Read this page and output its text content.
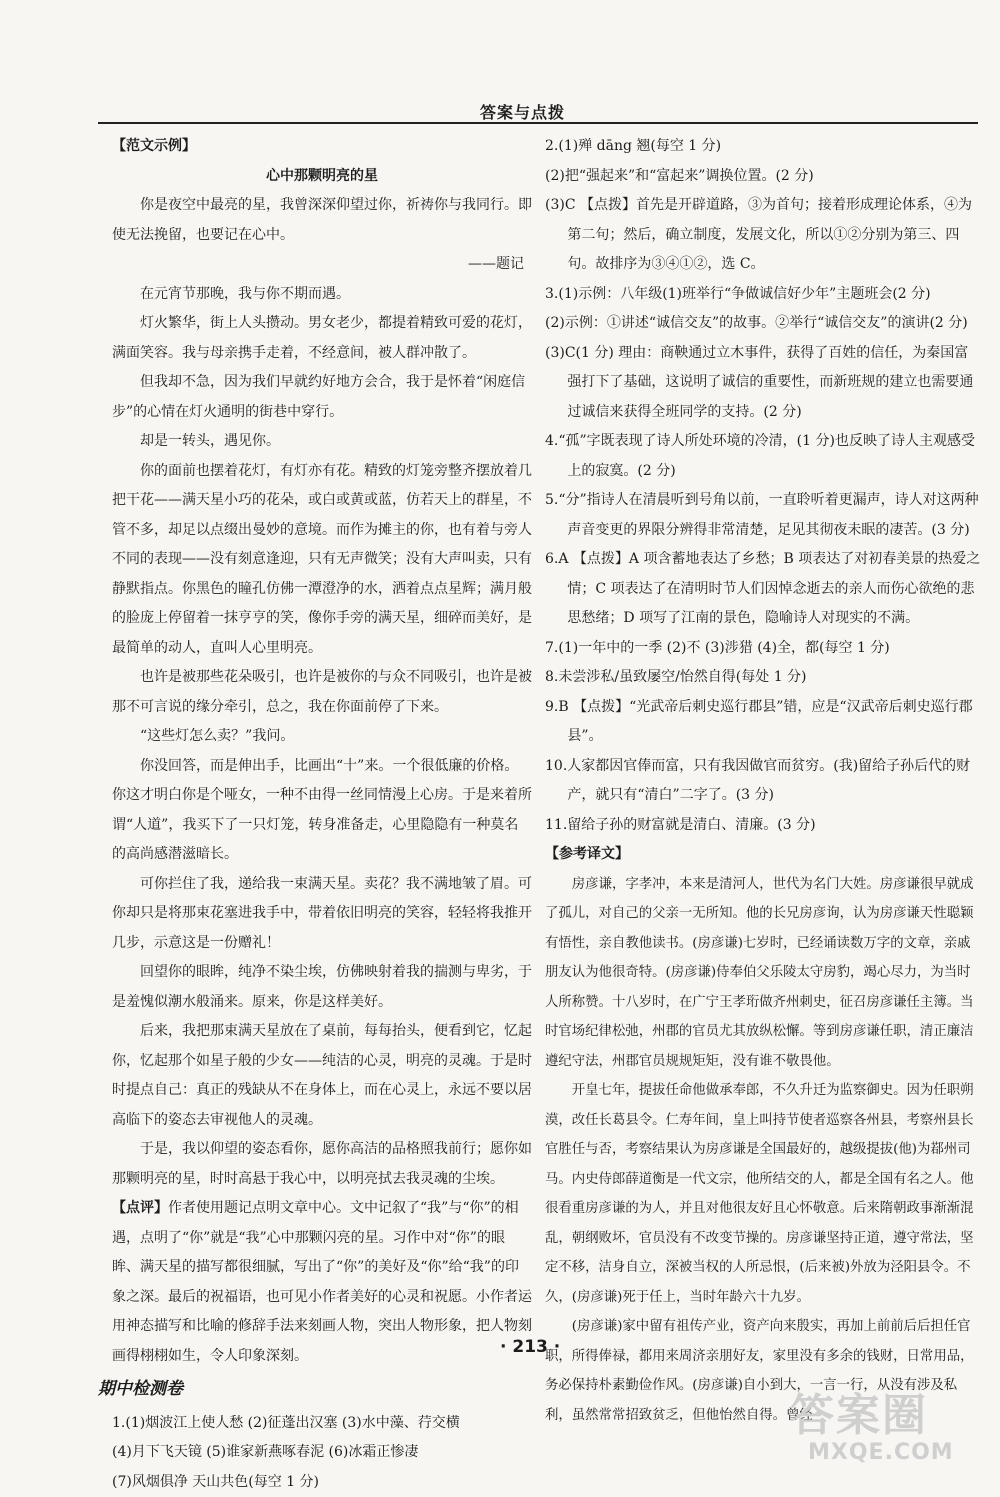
答案与点拨

【范文示例】

心中那颗明亮的星

你是夜空中最亮的星，我曾深深仰望过你，祈祷你与我同行。即使无法挽留，也要记在心中。

——题记

在元宵节那晚，我与你不期而遇。

灯火繁华，街上人头攒动。男女老少，都提着精致可爱的花灯，满面笑容。我与母亲携手走着，不经意间，被人群冲散了。

但我却不急，因为我们早就约好地方会合，我于是怀着“闲庭信步”的心情在灯火通明的街巷中穿行。

却是一转头，遇见你。

你的面前也摆着花灯，有灯亦有花。精致的灯笼旁整齐摆放着几把干花——满天星小巧的花朵，或白或黄或蓝，仿若天上的群星，不管不多，却足以点缀出曼妙的意境。而作为摊主的你，也有着与旁人不同的表现——没有刻意逢迎，只有无声微笑；没有大声叫卖，只有静默指点。你黑色的瞳孔仿佛一潭澄净的水，洒着点点星辉；满月般的脸庞上停留着一抹亨亨的笑，像你手旁的满天星，细碎而美好，是最简单的动人，直叫人心里明亮。

也许是被那些花朵吸引，也许是被你的与众不同吸引，也许是被那不可言说的缘分牵引，总之，我在你面前停了下来。

“这些灯怎么卖？”我问。

你没回答，而是伸出手，比画出“十”来。一个很低廉的价格。你这才明白你是个哑女，一种不由得一丝同情漫上心房。于是来着所谓“人道”，我买下了一只灯笼，转身准备走，心里隐隐有一种莫名的高尚感潜滋暗长。

可你拦住了我，递给我一束满天星。卖花？我不满地皱了眉。可你却只是将那束花塞进我手中，带着依旧明亮的笑容，轻轻将我推开几步，示意这是一份赠礼！

回望你的眼眸，纯净不染尘埃，仿佛映射着我的揣测与卑劣，于是羞愧似潮水般涌来。原来，你是这样美好。

后来，我把那束满天星放在了桌前，每每抬头，便看到它，忆起你，忆起那个如星子般的少女——纯洁的心灵，明亮的灵魂。于是时时提点自己：真正的残缺从不在身体上，而在心灵上，永远不要以居高临下的姿态去审视他人的灵魂。

于是，我以仰望的姿态看你，愿你高洁的品格照我前行；愿你如那颗明亮的星，时时高悬于我心中，以明亮拭去我灵魂的尘埃。

【点评】作者使用题记点明文章中心。文中记叙了“我”与“你”的相遇，点明了“你”就是“我”心中那颗闪亮的星。习作中对“你”的眼眸、满天星的描写都很细腻，写出了“你”的美好及“你”给“我”的印象之深。最后的祝福语，也可见小作者美好的心灵和祝愿。小作者运用神态描写和比喻的修辞手法来刻画人物，突出人物形象，把人物刻画得栩栩如生，令人印象深刻。

期中检测卷

1.(1)烟波江上使人愁 (2)征蓬出汉塞 (3)水中藻、荇交横

(4)月下飞天镜 (5)谁家新燕啄春泥 (6)冰霜正惨凄

(7)风烟俱净 天山共色(每空 1 分)

2.(1)殚 dāng 翘(每空 1 分)

(2)把“强起来”和“富起来”调换位置。(2 分)

(3)C 【点拨】首先是开辟道路，③为首句；接着形成理论体系，④为第二句；然后，确立制度，发展文化，所以①②分别为第三、四句。故排序为③④①②，选 C。

3.(1)示例：八年级(1)班举行“争做诚信好少年”主题班会(2 分)

(2)示例：①讲述“诚信交友”的故事。②举行“诚信交友”的演讲(2 分)

(3)C(1 分) 理由：商鞅通过立木事件，获得了百姓的信任，为秦国富强打下了基础，这说明了诚信的重要性，而新班规的建立也需要通过诚信来获得全班同学的支持。(2 分)

4.“孤”字既表现了诗人所处环境的冷清，(1 分)也反映了诗人主观感受上的寂寞。(2 分)

5.“分”指诗人在清晨听到号角以前，一直聆听着更漏声，诗人对这两种声音变更的界限分辨得非常清楚，足见其彻夜未眠的凄苦。(3 分)

6.A 【点拨】A 项含蓄地表达了乡愁；B 项表达了对初春美景的热爱之情；C 项表达了在清明时节人们因悼念逝去的亲人而伤心欲绝的悲思愁绪；D 项写了江南的景色，隐喻诗人对现实的不满。

7.(1)一年中的一季 (2)不 (3)涉猎 (4)全，都(每空 1 分)

8.未尝涉私/虽致屡空/怡然自得(每处 1 分)

9.B 【点拨】“光武帝后刺史巡行郡县”错，应是“汉武帝后刺史巡行郡县”。

10.人家都因官俸而富，只有我因做官而贫穷。(我)留给子孙后代的财产，就只有“清白”二字了。(3 分)

11.留给子孙的财富就是清白、清廉。(3 分)

【参考译文】

房彦谦，字孝冲，本来是清河人，世代为名门大姓。房彦谦很早就成了孤儿，对自己的父亲一无所知。他的长兄房彦询，认为房彦谦天性聪颖有悟性，亲自教他读书。(房彦谦)七岁时，已经诵读数万字的文章，亲戚朋友认为他很奇特。(房彦谦)侍奉伯父乐陵太守房豹，竭心尽力，为当时人所称赞。十八岁时，在广宁王孝珩做齐州刺史，征召房彦谦任主簿。当时官场纪律松弛，州郡的官员尤其放纵松懈。等到房彦谦任职，清正廉洁遵纪守法，州郡官员规规矩矩，没有谁不敬畏他。

开皇七年，提拔任命他做承奉郎，不久升迁为监察御史。因为任职朔漠，改任长葛县令。仁寿年间，皇上叫持节使者巡察各州县，考察州县长官胜任与否，考察结果认为房彦谦是全国最好的，越级提拔(他)为鄀州司马。内史侍郎薛道衡是一代文宗，他所结交的人，都是全国有名之人。他很看重房彦谦的为人，并且对他很友好且心怀敬意。后来隋朝政事渐渐混乱，朝纲败坏，官员没有不改变节操的。房彦谦坚持正道，遵守常法，坚定不移，洁身自立，深被当权的人所忌恨，(后来被)外放为泾阳县令。不久，(房彦谦)死于任上，当时年龄六十九岁。

(房彦谦)家中留有祖传产业，资产向来殷实，再加上前前后后担任官职，所得俸禄，都用来周济亲朋好友，家里没有多余的钱财，日常用品，务必保持朴素勤俭作风。(房彦谦)自小到大，一言一行，从没有涉及私利，虽然常常招致贫乏，但他怡然自得。曾经

· 213 ·
答案圈
MXQE.COM
